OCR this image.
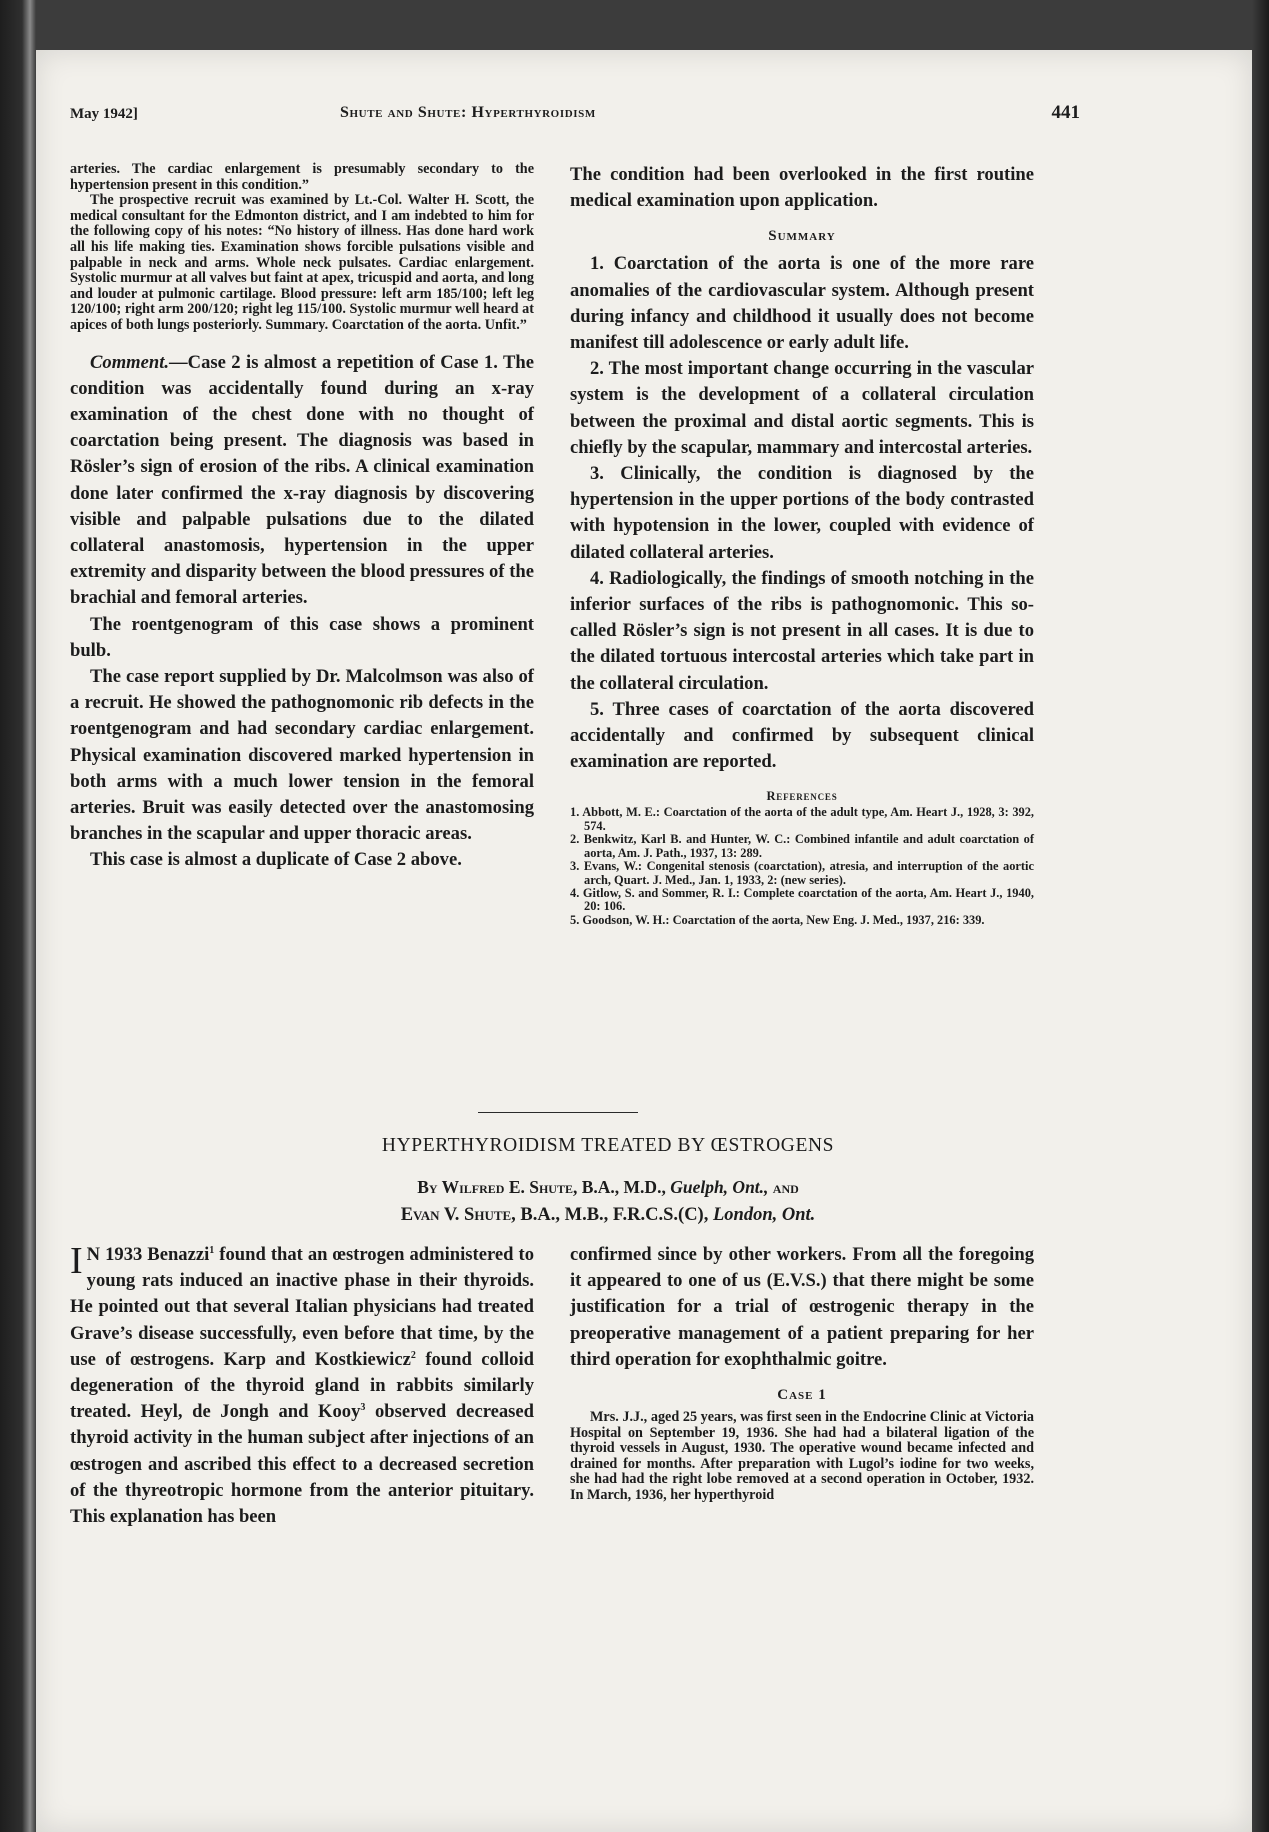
May 1942]	Shute and Shute: Hyperthyroidism	441

arteries. The cardiac enlargement is presumably secondary to the hypertension present in this condition.”

The prospective recruit was examined by Lt.-Col. Walter H. Scott, the medical consultant for the Edmonton district, and I am indebted to him for the following copy of his notes: “No history of illness. Has done hard work all his life making ties. Examination shows forcible pulsations visible and palpable in neck and arms. Whole neck pulsates. Cardiac enlargement. Systolic murmur at all valves but faint at apex, tricuspid and aorta, and long and louder at pulmonic cartilage. Blood pressure: left arm 185/100; left leg 120/100; right arm 200/120; right leg 115/100. Systolic murmur well heard at apices of both lungs posteriorly. Summary. Coarctation of the aorta. Unfit.”

Comment.—Case 2 is almost a repetition of Case 1. The condition was accidentally found during an x-ray examination of the chest done with no thought of coarctation being present. The diagnosis was based in Rösler’s sign of erosion of the ribs. A clinical examination done later confirmed the x-ray diagnosis by discovering visible and palpable pulsations due to the dilated collateral anastomosis, hypertension in the upper extremity and disparity between the blood pressures of the brachial and femoral arteries.

The roentgenogram of this case shows a prominent bulb.

The case report supplied by Dr. Malcolmson was also of a recruit. He showed the pathognomonic rib defects in the roentgenogram and had secondary cardiac enlargement. Physical examination discovered marked hypertension in both arms with a much lower tension in the femoral arteries. Bruit was easily detected over the anastomosing branches in the scapular and upper thoracic areas.

This case is almost a duplicate of Case 2 above.

The condition had been overlooked in the first routine medical examination upon application.

Summary

1. Coarctation of the aorta is one of the more rare anomalies of the cardiovascular system. Although present during infancy and childhood it usually does not become manifest till adolescence or early adult life.

2. The most important change occurring in the vascular system is the development of a collateral circulation between the proximal and distal aortic segments. This is chiefly by the scapular, mammary and intercostal arteries.

3. Clinically, the condition is diagnosed by the hypertension in the upper portions of the body contrasted with hypotension in the lower, coupled with evidence of dilated collateral arteries.

4. Radiologically, the findings of smooth notching in the inferior surfaces of the ribs is pathognomonic. This so-called Rösler’s sign is not present in all cases. It is due to the dilated tortuous intercostal arteries which take part in the collateral circulation.

5. Three cases of coarctation of the aorta discovered accidentally and confirmed by subsequent clinical examination are reported.

References

1. Abbott, M. E.: Coarctation of the aorta of the adult type, Am. Heart J., 1928, 3: 392, 574.

2. Benkwitz, Karl B. and Hunter, W. C.: Combined infantile and adult coarctation of aorta, Am. J. Path., 1937, 13: 289.

3. Evans, W.: Congenital stenosis (coarctation), atresia, and interruption of the aortic arch, Quart. J. Med., Jan. 1, 1933, 2: (new series).

4. Gitlow, S. and Sommer, R. I.: Complete coarctation of the aorta, Am. Heart J., 1940, 20: 106.

5. Goodson, W. H.: Coarctation of the aorta, New Eng. J. Med., 1937, 216: 339.

HYPERTHYROIDISM TREATED BY ŒSTROGENS
By Wilfred E. Shute, B.A., M.D., Guelph, Ont., and
Evan V. Shute, B.A., M.B., F.R.C.S.(C), London, Ont.

I N 1933 Benazzi$^1$ found that an œstrogen administered to young rats induced an inactive phase in their thyroids. He pointed out that several Italian physicians had treated Grave’s disease successfully, even before that time, by the use of œstrogens. Karp and Kostkiewicz$^2$ found colloid degeneration of the thyroid gland in rabbits similarly treated. Heyl, de Jongh and Kooy$^3$ observed decreased thyroid activity in the human subject after injections of an œstrogen and ascribed this effect to a decreased secretion of the thyreotropic hormone from the anterior pituitary. This explanation has been

confirmed since by other workers. From all the foregoing it appeared to one of us (E.V.S.) that there might be some justification for a trial of œstrogenic therapy in the preoperative management of a patient preparing for her third operation for exophthalmic goitre.

Case 1

Mrs. J.J., aged 25 years, was first seen in the Endocrine Clinic at Victoria Hospital on September 19, 1936. She had had a bilateral ligation of the thyroid vessels in August, 1930. The operative wound became infected and drained for months. After preparation with Lugol’s iodine for two weeks, she had had the right lobe removed at a second operation in October, 1932. In March, 1936, her hyperthyroid
